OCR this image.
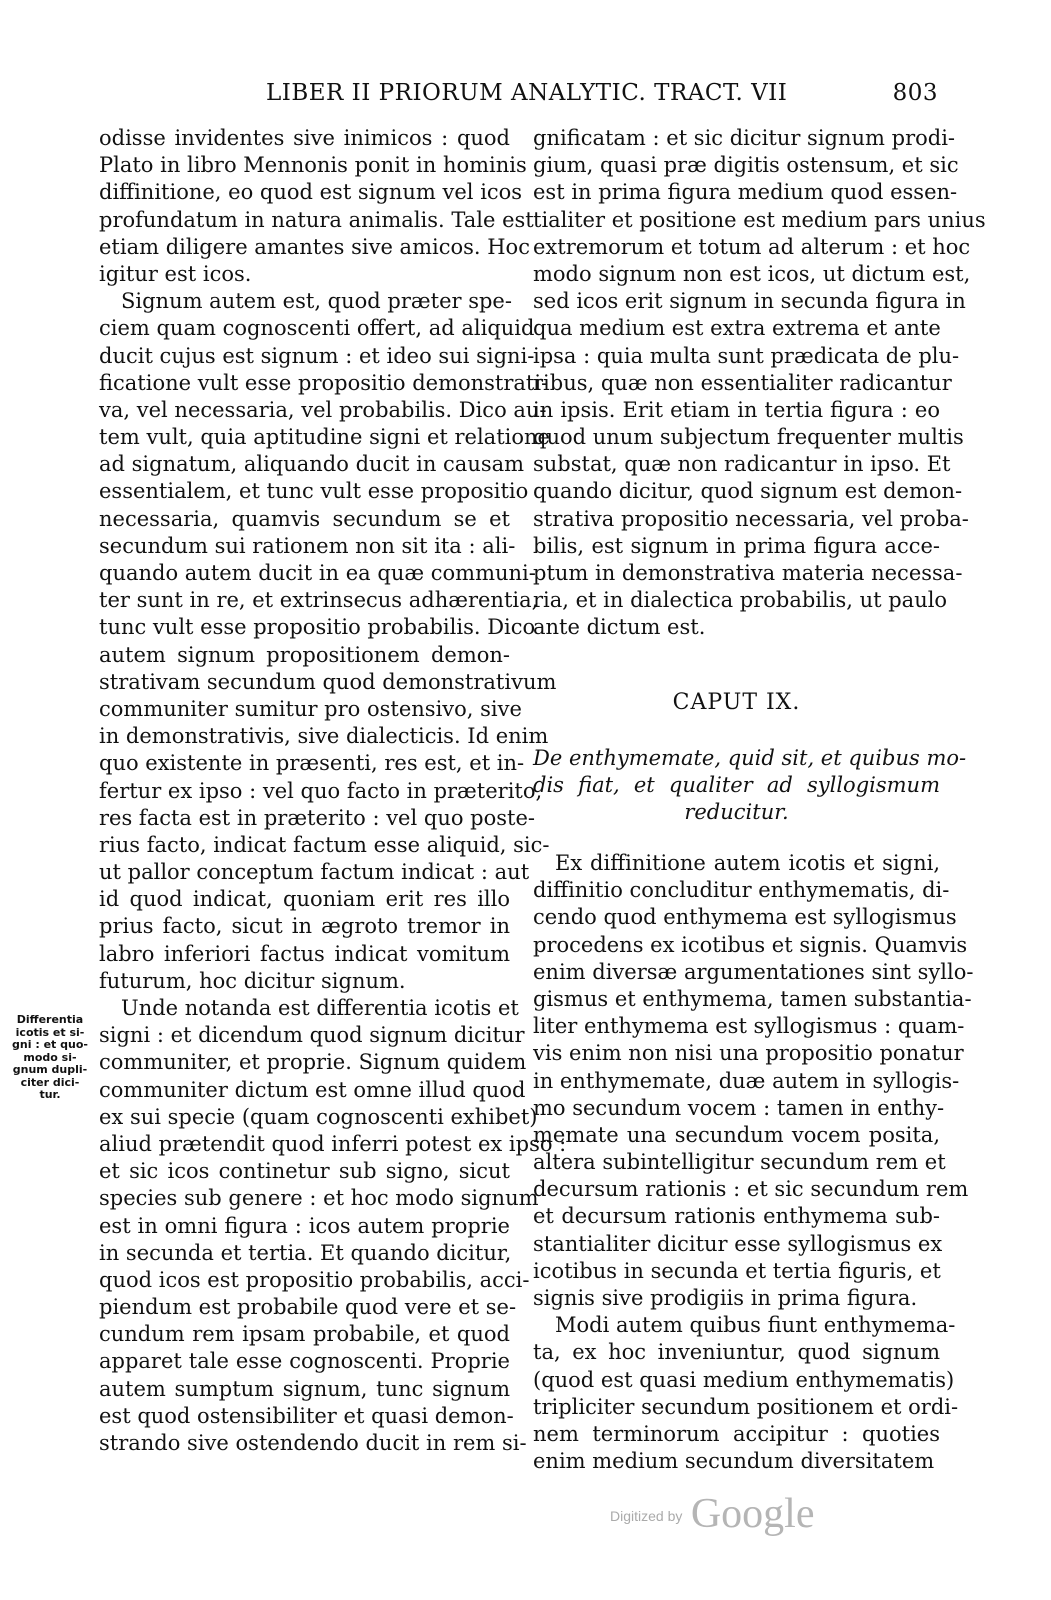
LIBER II PRIORUM ANALYTIC. TRACT. VII	803
odisse invidentes sive inimicos : quod
Plato in libro Mennonis ponit in hominis
diffinitione, eo quod est signum vel icos
profundatum in natura animalis. Tale est
etiam diligere amantes sive amicos. Hoc
igitur est icos.
Signum autem est, quod præter spe-
ciem quam cognoscenti offert, ad aliquid
ducit cujus est signum : et ideo sui signi-
ficatione vult esse propositio demonstrati-
va, vel necessaria, vel probabilis. Dico au-
tem vult, quia aptitudine signi et relatione
ad signatum, aliquando ducit in causam
essentialem, et tunc vult esse propositio
necessaria, quamvis secundum se et
secundum sui rationem non sit ita : ali-
quando autem ducit in ea quæ communi-
ter sunt in re, et extrinsecus adhærentia,
tunc vult esse propositio probabilis. Dico
autem signum propositionem demon-
strativam secundum quod demonstrativum
communiter sumitur pro ostensivo, sive
in demonstrativis, sive dialecticis. Id enim
quo existente in præsenti, res est, et in-
fertur ex ipso : vel quo facto in præterito,
res facta est in præterito : vel quo poste-
rius facto, indicat factum esse aliquid, sic-
ut pallor conceptum factum indicat : aut
id quod indicat, quoniam erit res illo
prius facto, sicut in ægroto tremor in
labro inferiori factus indicat vomitum
futurum, hoc dicitur signum.
Unde notanda est differentia icotis et
signi : et dicendum quod signum dicitur
communiter, et proprie. Signum quidem
communiter dictum est omne illud quod
ex sui specie (quam cognoscenti exhibet)
aliud prætendit quod inferri potest ex ipso :
et sic icos continetur sub signo, sicut
species sub genere : et hoc modo signum
est in omni figura : icos autem proprie
in secunda et tertia. Et quando dicitur,
quod icos est propositio probabilis, acci-
piendum est probabile quod vere et se-
cundum rem ipsam probabile, et quod
apparet tale esse cognoscenti. Proprie
autem sumptum signum, tunc signum
est quod ostensibiliter et quasi demon-
strando sive ostendendo ducit in rem si-
gnificatam : et sic dicitur signum prodi-
gium, quasi præ digitis ostensum, et sic
est in prima figura medium quod essen-
tialiter et positione est medium pars unius
extremorum et totum ad alterum : et hoc
modo signum non est icos, ut dictum est,
sed icos erit signum in secunda figura in
qua medium est extra extrema et ante
ipsa : quia multa sunt prædicata de plu-
ribus, quæ non essentialiter radicantur
in ipsis. Erit etiam in tertia figura : eo
quod unum subjectum frequenter multis
substat, quæ non radicantur in ipso. Et
quando dicitur, quod signum est demon-
strativa propositio necessaria, vel proba-
bilis, est signum in prima figura acce-
ptum in demonstrativa materia necessa-
ria, et in dialectica probabilis, ut paulo
ante dictum est.
CAPUT IX.
De enthymemate, quid sit, et quibus mo-
dis fiat, et qualiter ad syllogismum
reducitur.
Ex diffinitione autem icotis et signi,
diffinitio concluditur enthymematis, di-
cendo quod enthymema est syllogismus
procedens ex icotibus et signis. Quamvis
enim diversæ argumentationes sint syllo-
gismus et enthymema, tamen substantia-
liter enthymema est syllogismus : quam-
vis enim non nisi una propositio ponatur
in enthymemate, duæ autem in syllogis-
mo secundum vocem : tamen in enthy-
memate una secundum vocem posita,
altera subintelligitur secundum rem et
decursum rationis : et sic secundum rem
et decursum rationis enthymema sub-
stantialiter dicitur esse syllogismus ex
icotibus in secunda et tertia figuris, et
signis sive prodigiis in prima figura.
Modi autem quibus fiunt enthymema-
ta, ex hoc inveniuntur, quod signum
(quod est quasi medium enthymematis)
tripliciter secundum positionem et ordi-
nem terminorum accipitur : quoties
enim medium secundum diversitatem
Differentia
icotis et si-
gni : et quo-
modo si-
gnum dupli-
citer dici-
tur.
Digitized by Google
